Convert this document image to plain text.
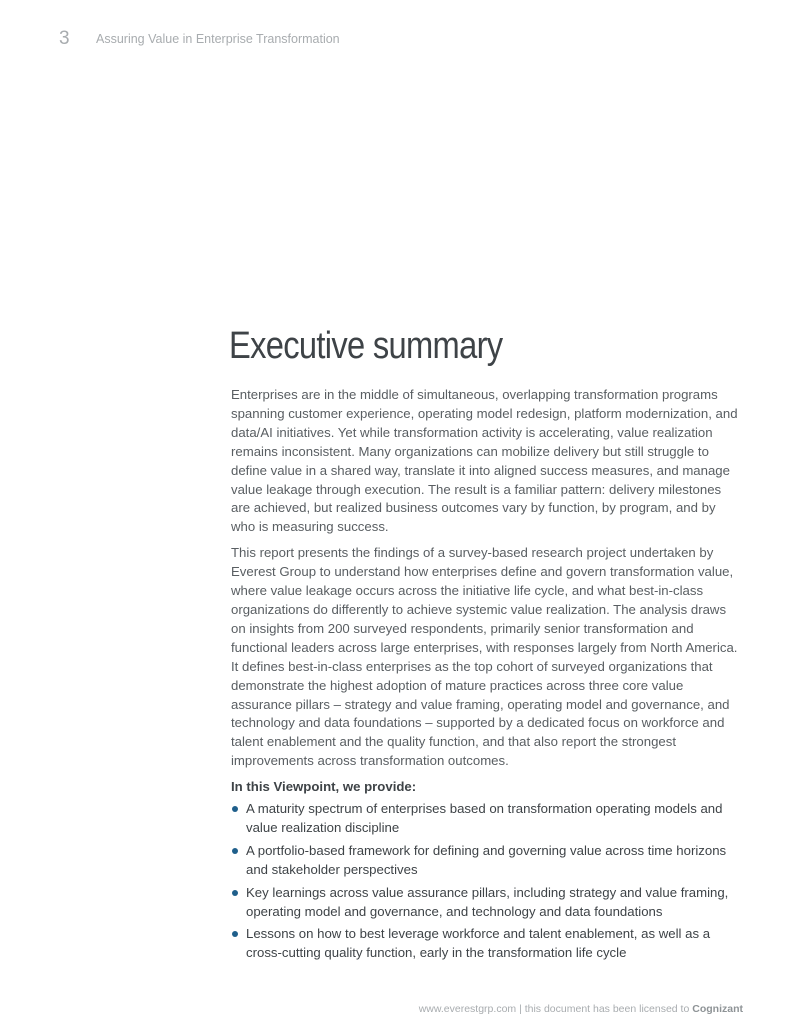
3 Assuring Value in Enterprise Transformation
Executive summary

Enterprises are in the middle of simultaneous, overlapping transformation programs spanning customer experience, operating model redesign, platform modernization, and data/AI initiatives. Yet while transformation activity is accelerating, value realization remains inconsistent. Many organizations can mobilize delivery but still struggle to define value in a shared way, translate it into aligned success measures, and manage value leakage through execution. The result is a familiar pattern: delivery milestones are achieved, but realized business outcomes vary by function, by program, and by who is measuring success.

This report presents the findings of a survey-based research project undertaken by Everest Group to understand how enterprises define and govern transformation value, where value leakage occurs across the initiative life cycle, and what best-in-class organizations do differently to achieve systemic value realization. The analysis draws on insights from 200 surveyed respondents, primarily senior transformation and functional leaders across large enterprises, with responses largely from North America. It defines best-in-class enterprises as the top cohort of surveyed organizations that demonstrate the highest adoption of mature practices across three core value assurance pillars – strategy and value framing, operating model and governance, and technology and data foundations – supported by a dedicated focus on workforce and talent enablement and the quality function, and that also report the strongest improvements across transformation outcomes.

In this Viewpoint, we provide:
A maturity spectrum of enterprises based on transformation operating models and value realization discipline
A portfolio-based framework for defining and governing value across time horizons and stakeholder perspectives
Key learnings across value assurance pillars, including strategy and value framing, operating model and governance, and technology and data foundations
Lessons on how to best leverage workforce and talent enablement, as well as a cross-cutting quality function, early in the transformation life cycle
www.everestgrp.com | this document has been licensed to Cognizant
